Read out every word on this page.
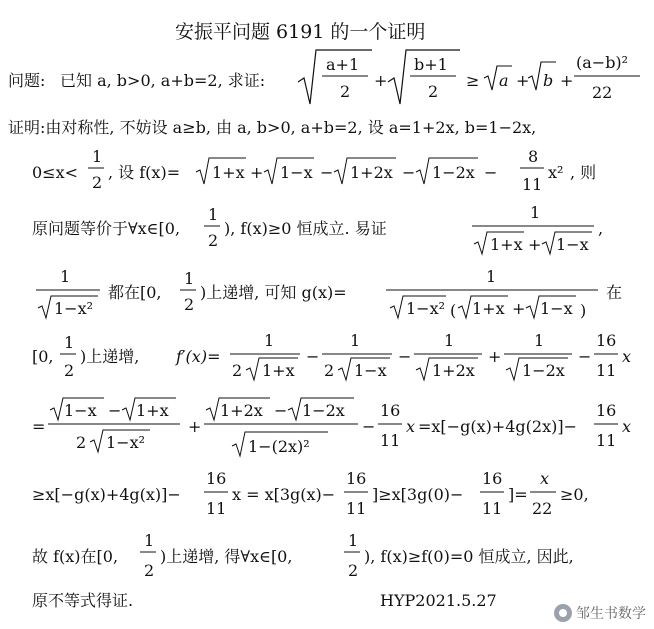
安振平问题 6191 的一个证明
问题: 已知 a, b>0, a+b=2, 求证:
a+1
2
+
b+1
2
≥ a + b +
(a−b)²
22
证明:由对称性, 不妨设 a≥b, 由 a, b>0, a+b=2, 设 a=1+2x, b=1−2x,
0≤x<
1
2
, 设 f(x)= 1+x + 1−x − 1+2x − 1−2x −
8
11
x² , 则
原问题等价于∀x∈[0,
1
2
), f(x)≥0 恒成立. 易证
1
1+x + 1−x
,
1
1−x²
都在[0,
1
2
)上递增, 可知 g(x)=
1
1−x² ( 1+x + 1−x )
在
[0,
1
2
)上递增, f′(x)=
1
2 1+x
−
1
2 1−x
−
1
1+2x
+
1
1−2x
−
16
11
x
=
1−x − 1+x
2 1−x²
+
1+2x − 1−2x
1−(2x)²
−
16
11
x =x[−g(x)+4g(2x)]−
16
11
x
≥x[−g(x)+4g(x)]−
16
11
x = x[3g(x)−
16
11
]≥x[3g(0)−
16
11
]=
x
22
≥0,
故 f(x)在[0,
1
2
)上递增, 得∀x∈[0,
1
2
), f(x)≥f(0)=0 恒成立, 因此,
原不等式得证.	HYP2021.5.27
邹生书数学
